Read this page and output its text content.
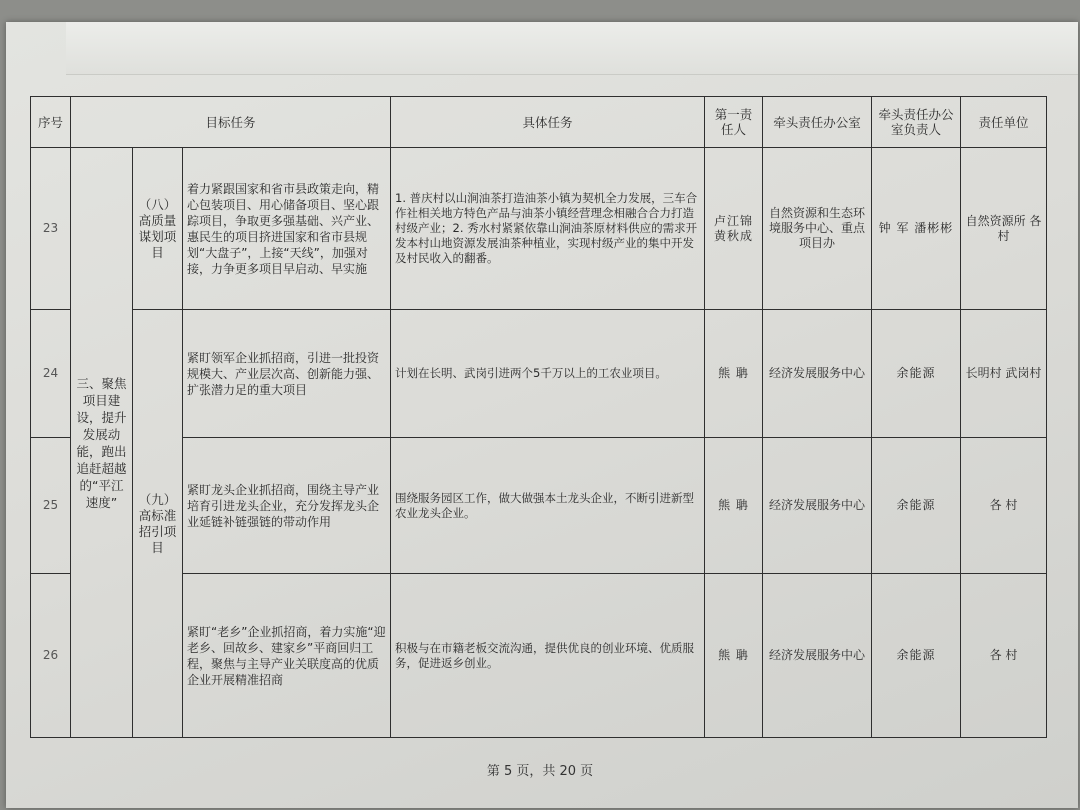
序号	目标任务			具体任务	第一责任人	牵头责任办公室	牵头责任办公室负责人	责任单位
23	三、聚焦项目建设，提升发展动能，跑出追赶超越的“平江速度”	（八）高质量谋划项目	着力紧跟国家和省市县政策走向，精心包装项目、用心储备项目、坚心跟踪项目，争取更多强基础、兴产业、惠民生的项目挤进国家和省市县规划“大盘子”，上接“天线”，加强对接，力争更多项目早启动、早实施	1. 普庆村以山涧油茶打造油茶小镇为契机全力发展，三车合作社相关地方特色产品与油茶小镇经营理念相融合合力打造村级产业；2. 秀水村紧紧依靠山涧油茶原材料供应的需求开发本村山地资源发展油茶种植业，实现村级产业的集中开发及村民收入的翻番。	卢江锦 黄秋成	自然资源和生态环境服务中心、重点项目办	钟 军 潘彬彬	自然资源所 各 村
24		（九）高标准招引项目	紧盯领军企业抓招商，引进一批投资规模大、产业层次高、创新能力强、扩张潜力足的重大项目	计划在长明、武岗引进两个5千万以上的工农业项目。	熊 聃	经济发展服务中心	余能源	长明村 武岗村
25			紧盯龙头企业抓招商，围绕主导产业培育引进龙头企业，充分发挥龙头企业延链补链强链的带动作用	围绕服务园区工作，做大做强本土龙头企业，不断引进新型农业龙头企业。	熊 聃	经济发展服务中心	余能源	各 村
26			紧盯“老乡”企业抓招商，着力实施“迎老乡、回故乡、建家乡”平商回归工程，聚焦与主导产业关联度高的优质企业开展精准招商	积极与在市籍老板交流沟通，提供优良的创业环境、优质服务，促进返乡创业。	熊 聃	经济发展服务中心	余能源	各 村
第 5 页，共 20 页
